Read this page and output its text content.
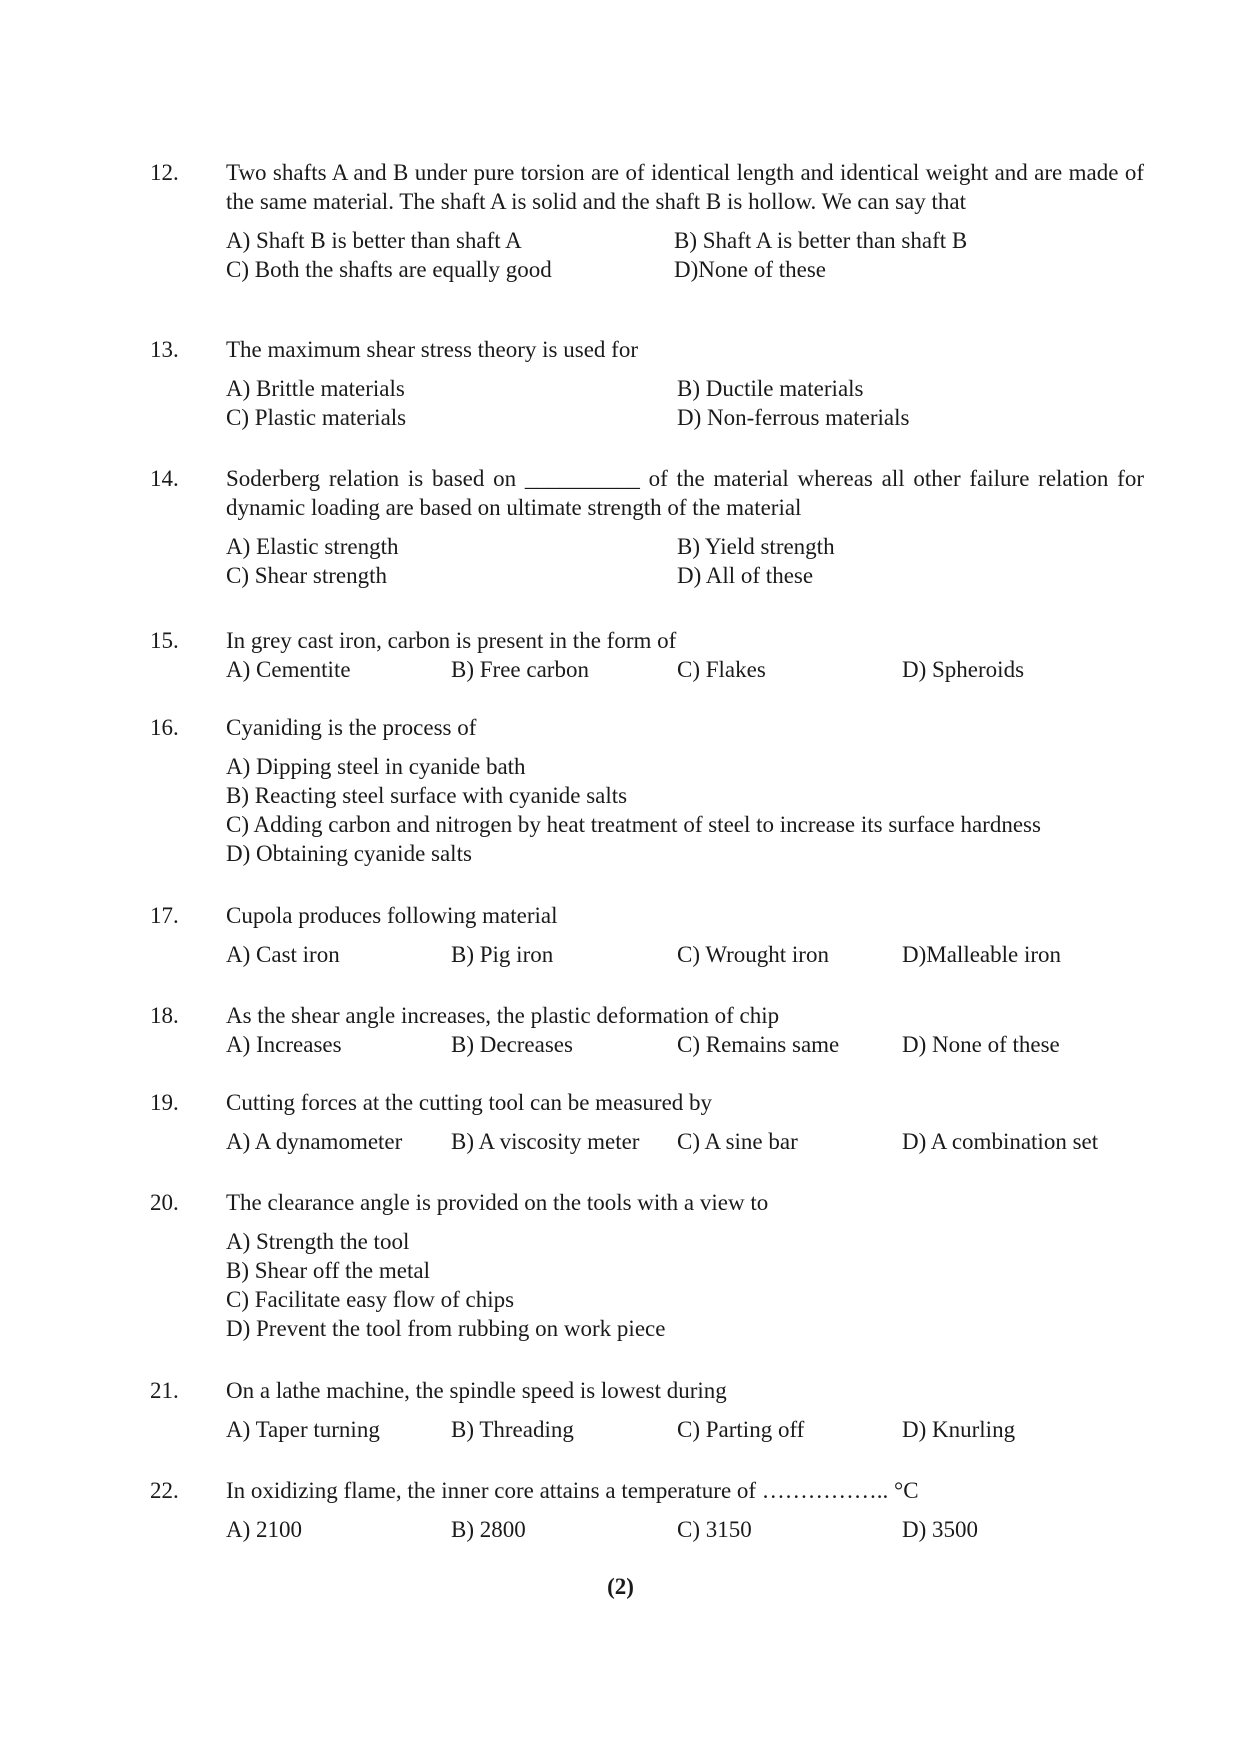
12. Two shafts A and B under pure torsion are of identical length and identical weight and are made of the same material. The shaft A is solid and the shaft B is hollow. We can say that

A) Shaft B is better than shaft A	B) Shaft A is better than shaft B
C) Both the shafts are equally good	D)None of these
13. The maximum shear stress theory is used for

A) Brittle materials	B) Ductile materials
C) Plastic materials	D) Non-ferrous materials
14. Soderberg relation is based on __________ of the material whereas all other failure relation for dynamic loading are based on ultimate strength of the material

A) Elastic strength	B) Yield strength
C) Shear strength	D) All of these
15. In grey cast iron, carbon is present in the form of

A) Cementite	B) Free carbon	C) Flakes	D) Spheroids
16. Cyaniding is the process of

A) Dipping steel in cyanide bath
B) Reacting steel surface with cyanide salts
C) Adding carbon and nitrogen by heat treatment of steel to increase its surface hardness
D) Obtaining cyanide salts
17. Cupola produces following material

A) Cast iron	B) Pig iron	C) Wrought iron	D)Malleable iron
18. As the shear angle increases, the plastic deformation of chip

A) Increases	B) Decreases	C) Remains same	D) None of these
19. Cutting forces at the cutting tool can be measured by

A) A dynamometer B) A viscosity meter C) A sine bar	D) A combination set
20. The clearance angle is provided on the tools with a view to

A) Strength the tool
B) Shear off the metal
C) Facilitate easy flow of chips
D) Prevent the tool from rubbing on work piece
21. On a lathe machine, the spindle speed is lowest during

A) Taper turning	B) Threading	C) Parting off	D) Knurling
22. In oxidizing flame, the inner core attains a temperature of …………….. °C

A) 2100	B) 2800	C) 3150	D) 3500
(2)
